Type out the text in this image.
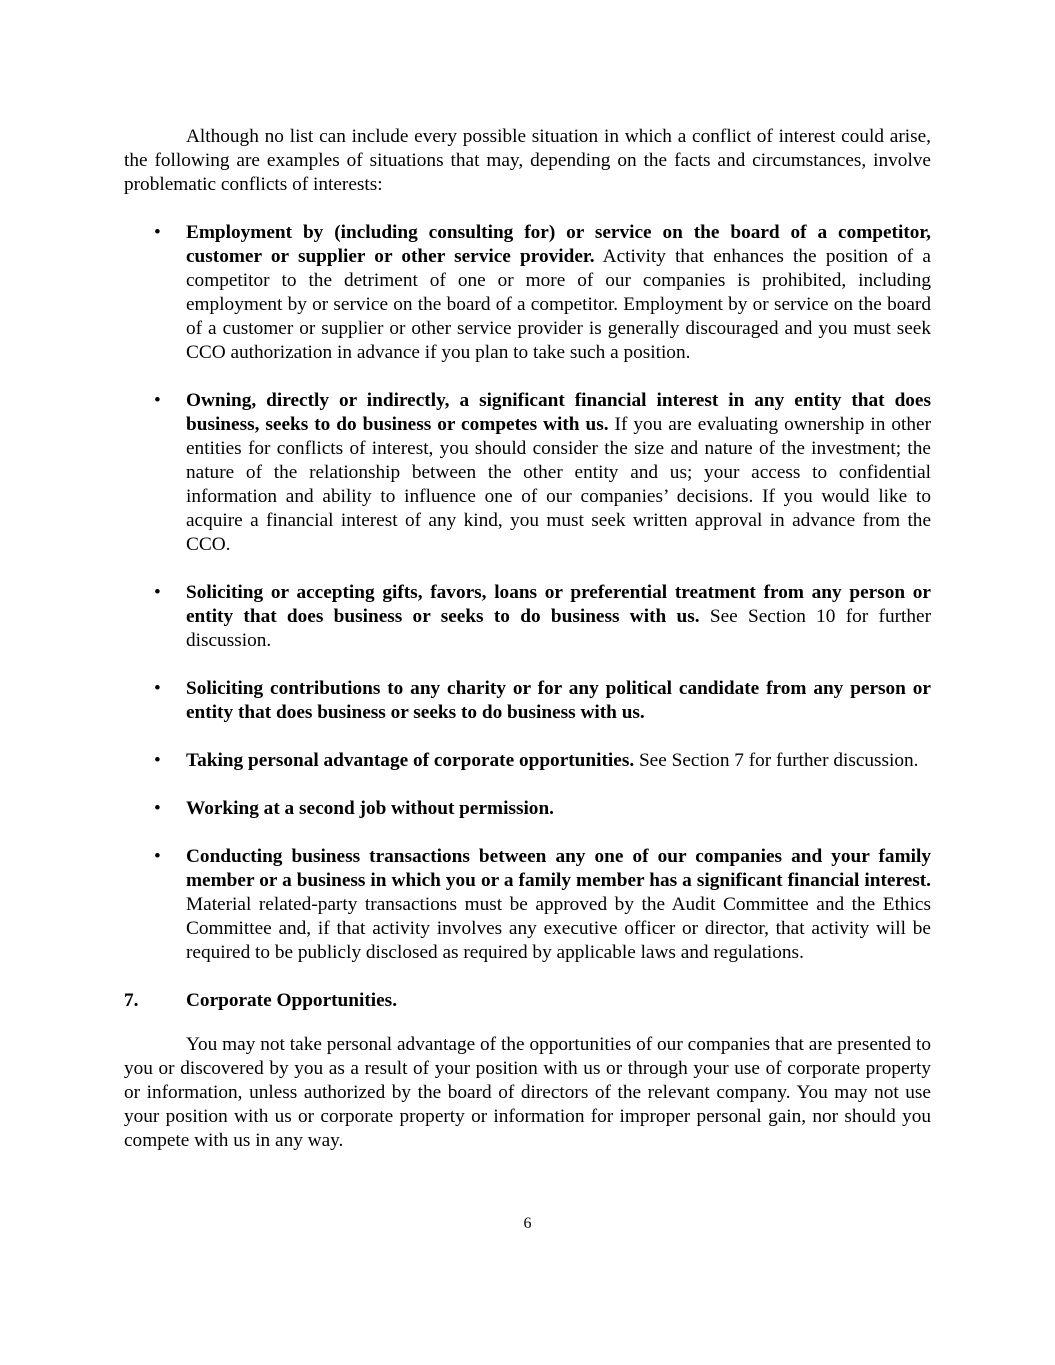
Although no list can include every possible situation in which a conflict of interest could arise, the following are examples of situations that may, depending on the facts and circumstances, involve problematic conflicts of interests:

• Employment by (including consulting for) or service on the board of a competitor, customer or supplier or other service provider. Activity that enhances the position of a competitor to the detriment of one or more of our companies is prohibited, including employment by or service on the board of a competitor. Employment by or service on the board of a customer or supplier or other service provider is generally discouraged and you must seek CCO authorization in advance if you plan to take such a position.
• Owning, directly or indirectly, a significant financial interest in any entity that does business, seeks to do business or competes with us. If you are evaluating ownership in other entities for conflicts of interest, you should consider the size and nature of the investment; the nature of the relationship between the other entity and us; your access to confidential information and ability to influence one of our companies’ decisions. If you would like to acquire a financial interest of any kind, you must seek written approval in advance from the CCO.
• Soliciting or accepting gifts, favors, loans or preferential treatment from any person or entity that does business or seeks to do business with us. See Section 10 for further discussion.
• Soliciting contributions to any charity or for any political candidate from any person or entity that does business or seeks to do business with us.
• Taking personal advantage of corporate opportunities. See Section 7 for further discussion.
• Working at a second job without permission.
• Conducting business transactions between any one of our companies and your family member or a business in which you or a family member has a significant financial interest. Material related-party transactions must be approved by the Audit Committee and the Ethics Committee and, if that activity involves any executive officer or director, that activity will be required to be publicly disclosed as required by applicable laws and regulations.
7.	Corporate Opportunities.

You may not take personal advantage of the opportunities of our companies that are presented to you or discovered by you as a result of your position with us or through your use of corporate property or information, unless authorized by the board of directors of the relevant company. You may not use your position with us or corporate property or information for improper personal gain, nor should you compete with us in any way.

6
